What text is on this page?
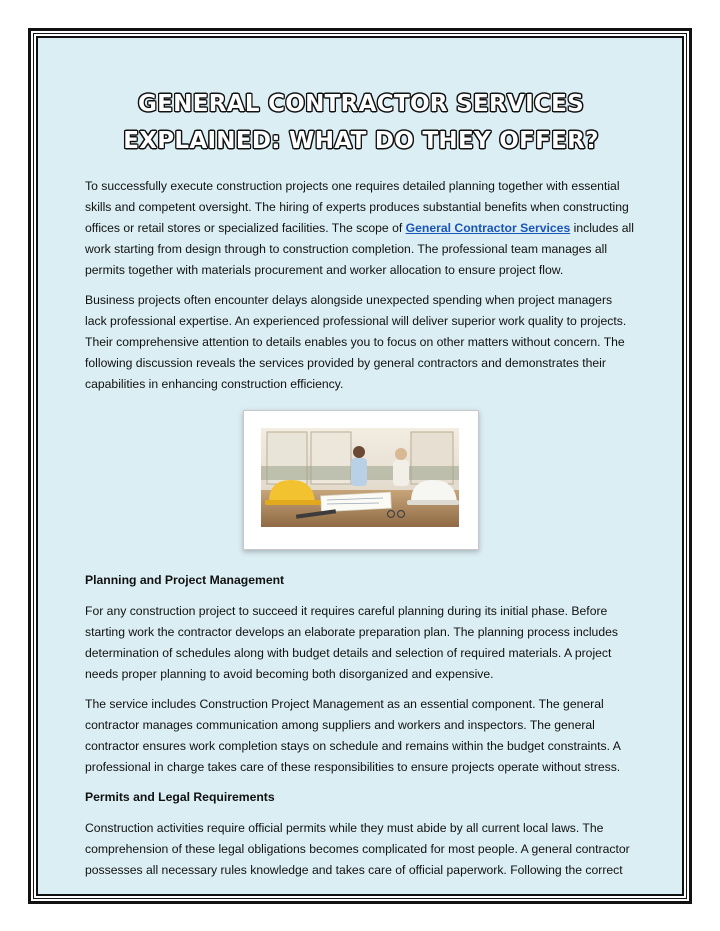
GENERAL CONTRACTOR SERVICES
EXPLAINED: WHAT DO THEY OFFER?

To successfully execute construction projects one requires detailed planning together with essential skills and competent oversight. The hiring of experts produces substantial benefits when constructing offices or retail stores or specialized facilities. The scope of General Contractor Services includes all work starting from design through to construction completion. The professional team manages all permits together with materials procurement and worker allocation to ensure project flow.

Business projects often encounter delays alongside unexpected spending when project managers lack professional expertise. An experienced professional will deliver superior work quality to projects. Their comprehensive attention to details enables you to focus on other matters without concern. The following discussion reveals the services provided by general contractors and demonstrates their capabilities in enhancing construction efficiency.

Planning and Project Management

For any construction project to succeed it requires careful planning during its initial phase. Before starting work the contractor develops an elaborate preparation plan. The planning process includes determination of schedules along with budget details and selection of required materials. A project needs proper planning to avoid becoming both disorganized and expensive.

The service includes Construction Project Management as an essential component. The general contractor manages communication among suppliers and workers and inspectors. The general contractor ensures work completion stays on schedule and remains within the budget constraints. A professional in charge takes care of these responsibilities to ensure projects operate without stress.

Permits and Legal Requirements

Construction activities require official permits while they must abide by all current local laws. The comprehension of these legal obligations becomes complicated for most people. A general contractor possesses all necessary rules knowledge and takes care of official paperwork. Following the correct
